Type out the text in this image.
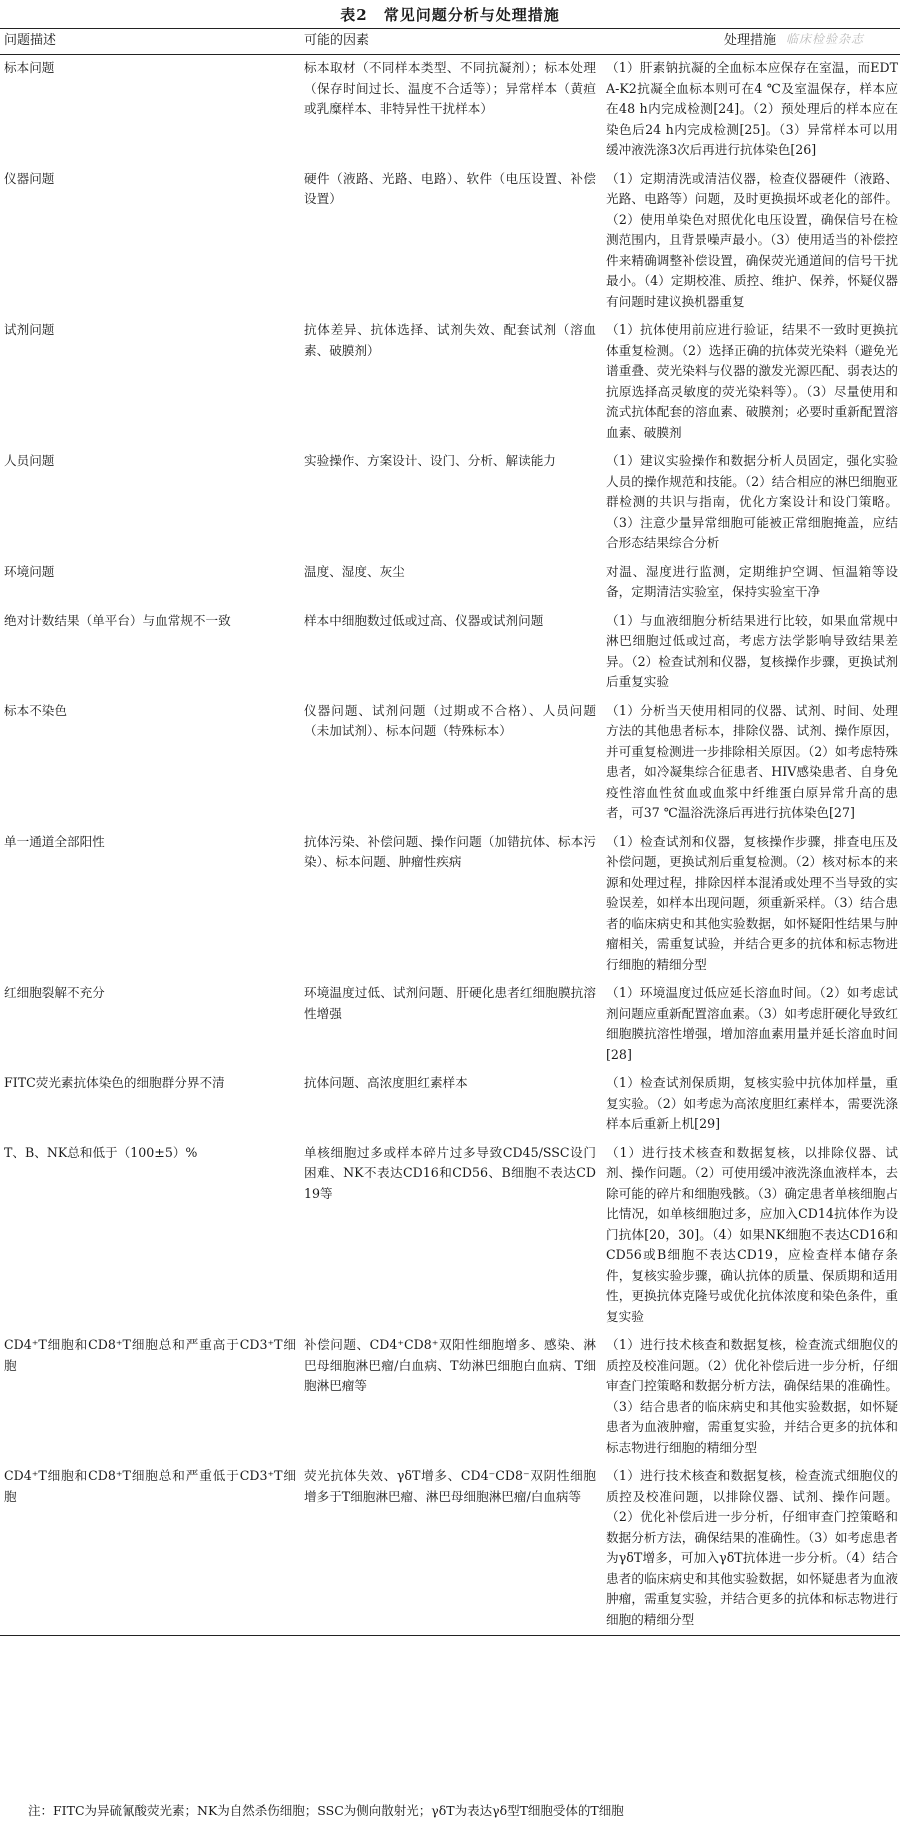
表2　常见问题分析与处理措施
临床检验杂志
问题描述	可能的因素	处理措施
标本问题	标本取材（不同样本类型、不同抗凝剂）；标本处理（保存时间过长、温度不合适等）；异常样本（黄疸或乳糜样本、非特异性干扰样本）	（1）肝素钠抗凝的全血标本应保存在室温，而EDTA-K2抗凝全血标本则可在4 ℃及室温保存，样本应在48 h内完成检测[24]。（2）预处理后的样本应在染色后24 h内完成检测[25]。（3）异常样本可以用缓冲液洗涤3次后再进行抗体染色[26]
仪器问题	硬件（液路、光路、电路）、软件（电压设置、补偿设置）	（1）定期清洗或清洁仪器，检查仪器硬件（液路、光路、电路等）问题，及时更换损坏或老化的部件。（2）使用单染色对照优化电压设置，确保信号在检测范围内，且背景噪声最小。（3）使用适当的补偿控件来精确调整补偿设置，确保荧光通道间的信号干扰最小。（4）定期校准、质控、维护、保养，怀疑仪器有问题时建议换机器重复
试剂问题	抗体差异、抗体选择、试剂失效、配套试剂（溶血素、破膜剂）	（1）抗体使用前应进行验证，结果不一致时更换抗体重复检测。（2）选择正确的抗体荧光染料（避免光谱重叠、荧光染料与仪器的激发光源匹配、弱表达的抗原选择高灵敏度的荧光染料等）。（3）尽量使用和流式抗体配套的溶血素、破膜剂；必要时重新配置溶血素、破膜剂
人员问题	实验操作、方案设计、设门、分析、解读能力	（1）建议实验操作和数据分析人员固定，强化实验人员的操作规范和技能。（2）结合相应的淋巴细胞亚群检测的共识与指南，优化方案设计和设门策略。（3）注意少量异常细胞可能被正常细胞掩盖，应结合形态结果综合分析
环境问题	温度、湿度、灰尘	对温、湿度进行监测，定期维护空调、恒温箱等设备，定期清洁实验室，保持实验室干净
绝对计数结果（单平台）与血常规不一致	样本中细胞数过低或过高、仪器或试剂问题	（1）与血液细胞分析结果进行比较，如果血常规中淋巴细胞过低或过高，考虑方法学影响导致结果差异。（2）检查试剂和仪器，复核操作步骤，更换试剂后重复实验
标本不染色	仪器问题、试剂问题（过期或不合格）、人员问题（未加试剂）、标本问题（特殊标本）	（1）分析当天使用相同的仪器、试剂、时间、处理方法的其他患者标本，排除仪器、试剂、操作原因，并可重复检测进一步排除相关原因。（2）如考虑特殊患者，如冷凝集综合征患者、HIV感染患者、自身免疫性溶血性贫血或血浆中纤维蛋白原异常升高的患者，可37 ℃温浴洗涤后再进行抗体染色[27]
单一通道全部阳性	抗体污染、补偿问题、操作问题（加错抗体、标本污染）、标本问题、肿瘤性疾病	（1）检查试剂和仪器，复核操作步骤，排查电压及补偿问题，更换试剂后重复检测。（2）核对标本的来源和处理过程，排除因样本混淆或处理不当导致的实验误差，如样本出现问题，须重新采样。（3）结合患者的临床病史和其他实验数据，如怀疑阳性结果与肿瘤相关，需重复试验，并结合更多的抗体和标志物进行细胞的精细分型
红细胞裂解不充分	环境温度过低、试剂问题、肝硬化患者红细胞膜抗溶性增强	（1）环境温度过低应延长溶血时间。（2）如考虑试剂问题应重新配置溶血素。（3）如考虑肝硬化导致红细胞膜抗溶性增强，增加溶血素用量并延长溶血时间[28]
FITC荧光素抗体染色的细胞群分界不清	抗体问题、高浓度胆红素样本	（1）检查试剂保质期，复核实验中抗体加样量，重复实验。（2）如考虑为高浓度胆红素样本，需要洗涤样本后重新上机[29]
T、B、NK总和低于（100±5）%	单核细胞过多或样本碎片过多导致CD45/SSC设门困难、NK不表达CD16和CD56、B细胞不表达CD19等	（1）进行技术核查和数据复核，以排除仪器、试剂、操作问题。（2）可使用缓冲液洗涤血液样本，去除可能的碎片和细胞残骸。（3）确定患者单核细胞占比情况，如单核细胞过多，应加入CD14抗体作为设门抗体[20，30]。（4）如果NK细胞不表达CD16和CD56或B细胞不表达CD19，应检查样本储存条件，复核实验步骤，确认抗体的质量、保质期和适用性，更换抗体克隆号或优化抗体浓度和染色条件，重复实验
CD4⁺T细胞和CD8⁺T细胞总和严重高于CD3⁺T细胞	补偿问题、CD4⁺CD8⁺双阳性细胞增多、感染、淋巴母细胞淋巴瘤/白血病、T幼淋巴细胞白血病、T细胞淋巴瘤等	（1）进行技术核查和数据复核，检查流式细胞仪的质控及校准问题。（2）优化补偿后进一步分析，仔细审查门控策略和数据分析方法，确保结果的准确性。（3）结合患者的临床病史和其他实验数据，如怀疑患者为血液肿瘤，需重复实验，并结合更多的抗体和标志物进行细胞的精细分型
CD4⁺T细胞和CD8⁺T细胞总和严重低于CD3⁺T细胞	荧光抗体失效、γδT增多、CD4⁻CD8⁻双阴性细胞增多于T细胞淋巴瘤、淋巴母细胞淋巴瘤/白血病等	（1）进行技术核查和数据复核，检查流式细胞仪的质控及校准问题，以排除仪器、试剂、操作问题。（2）优化补偿后进一步分析，仔细审查门控策略和数据分析方法，确保结果的准确性。（3）如考虑患者为γδT增多，可加入γδT抗体进一步分析。（4）结合患者的临床病史和其他实验数据，如怀疑患者为血液肿瘤，需重复实验，并结合更多的抗体和标志物进行细胞的精细分型
注：FITC为异硫氰酸荧光素；NK为自然杀伤细胞；SSC为侧向散射光；γδT为表达γδ型T细胞受体的T细胞
